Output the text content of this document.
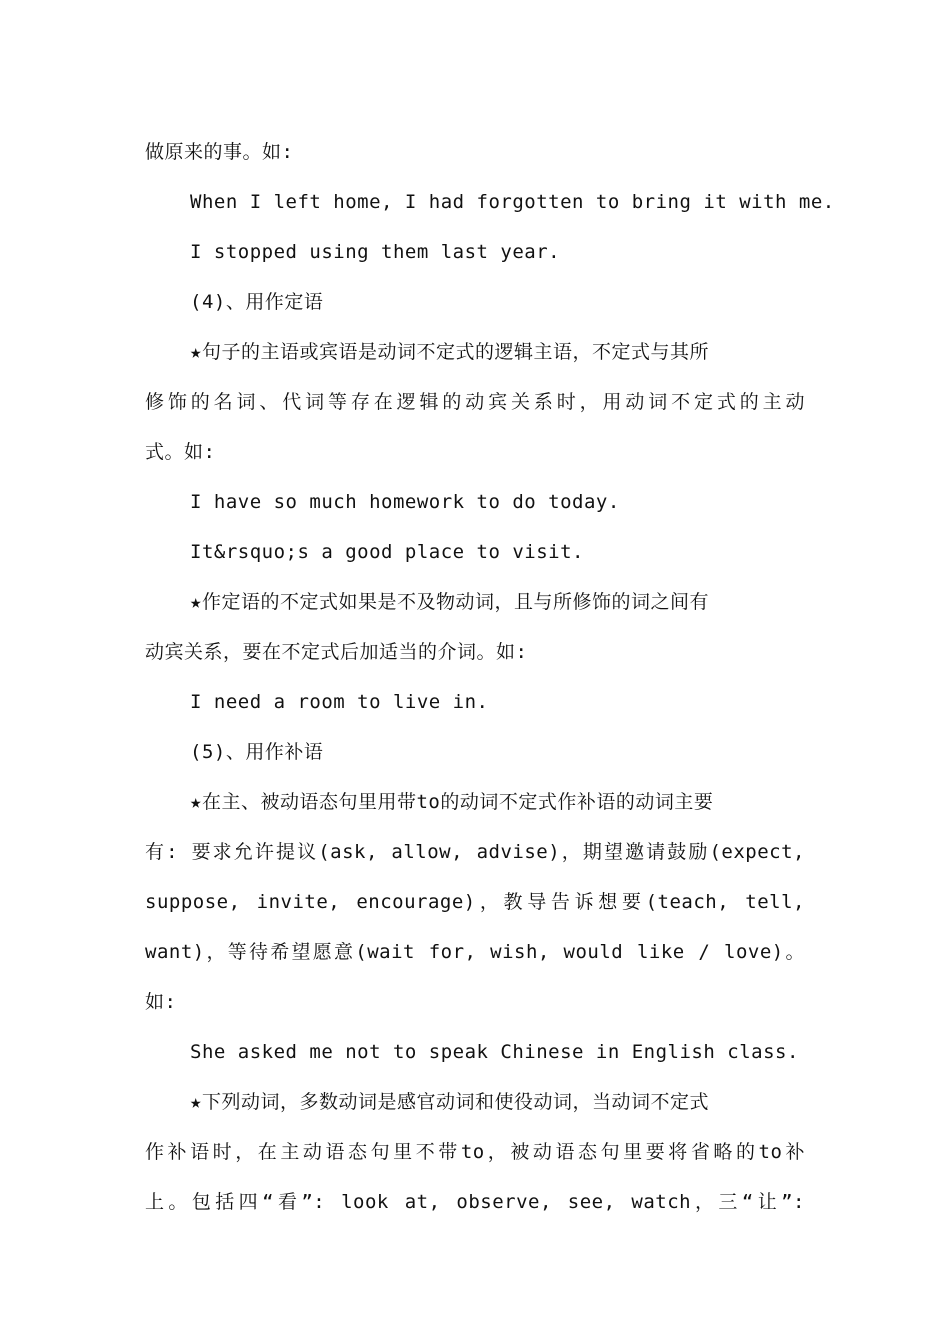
做原来的事。如:
When I left home, I had forgotten to bring it with me.
I stopped using them last year.
(4)、用作定语
★句子的主语或宾语是动词不定式的逻辑主语，不定式与其所
修饰的名词、代词等存在逻辑的动宾关系时，用动词不定式的主动
式。如:
I have so much homework to do today.
It&rsquo;s a good place to visit.
★作定语的不定式如果是不及物动词，且与所修饰的词之间有
动宾关系，要在不定式后加适当的介词。如:
I need a room to live in.
(5)、用作补语
★在主、被动语态句里用带to的动词不定式作补语的动词主要
有: 要求允许提议(ask, allow, advise)，期望邀请鼓励(expect,
suppose, invite, encourage)，教导告诉想要(teach, tell,
want)，等待希望愿意(wait for, wish, would like / love)。
如:
She asked me not to speak Chinese in English class.
★下列动词，多数动词是感官动词和使役动词，当动词不定式
作补语时，在主动语态句里不带to，被动语态句里要将省略的to补
上。包括四“看”: look at, observe, see, watch，三“让”:
